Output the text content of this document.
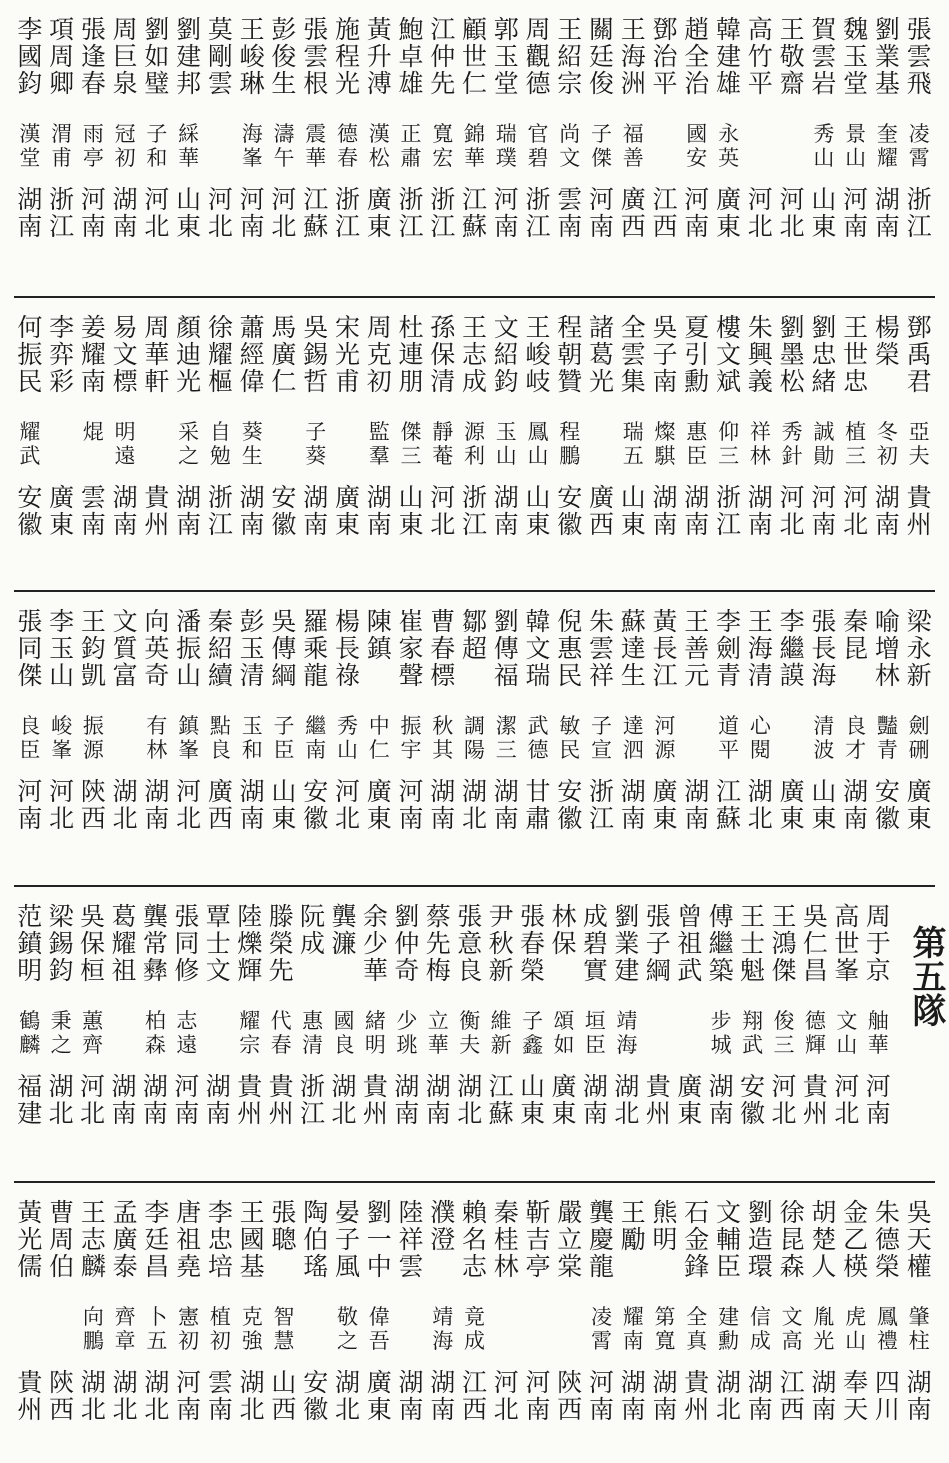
李
國
鈞
漢
堂
湖
南
項
周
卿
渭
甫
浙
江
張
逢
春
雨
亭
河
南
周
巨
泉
冠
初
湖
南
劉
如
璧
子
和
河
北
劉
建
邦
綵
華
山
東
莫
剛
雲
河
北
王
峻
琳
海
峯
河
南
彭
俊
生
濤
午
河
北
張
雲
根
震
華
江
蘇
施
程
光
德
春
浙
江
黃
升
溥
漢
松
廣
東
鮑
卓
雄
正
肅
浙
江
江
仲
先
寬
宏
浙
江
顧
世
仁
錦
華
江
蘇
郭
玉
堂
瑞
璞
河
南
周
觀
德
官
碧
浙
江
王
紹
宗
尚
文
雲
南
關
廷
俊
子
傑
河
南
王
海
洲
福
善
廣
西
鄧
治
平
江
西
趙
全
治
國
安
河
南
韓
建
雄
永
英
廣
東
高
竹
平
河
北
王
敬
齋
河
北
賀
雲
岩
秀
山
山
東
魏
玉
堂
景
山
河
南
劉
業
基
奎
耀
湖
南
張
雲
飛
凌
霄
浙
江
何
振
民
耀
武
安
徽
李
弈
彩
廣
東
姜
耀
南
焜
雲
南
易
文
標
明
遠
湖
南
周
華
軒
貴
州
顏
迪
光
采
之
湖
南
徐
耀
樞
自
勉
浙
江
蕭
經
偉
葵
生
湖
南
馬
廣
仁
安
徽
吳
錫
哲
子
葵
湖
南
宋
光
甫
廣
東
周
克
初
監
羣
湖
南
杜
連
朋
傑
三
山
東
孫
保
清
靜
菴
河
北
王
志
成
源
利
浙
江
文
紹
鈞
玉
山
湖
南
王
峻
岐
鳳
山
山
東
程
朝
贊
程
鵬
安
徽
諸
葛
光
廣
西
全
雲
集
瑞
五
山
東
吳
子
南
燦
騏
湖
南
夏
引
勳
惠
臣
湖
南
樓
文
斌
仰
三
浙
江
朱
興
義
祥
林
湖
南
劉
墨
松
秀
針
河
北
劉
忠
緒
誠
勛
河
南
王
世
忠
植
三
河
北
楊
榮
冬
初
湖
南
鄧
禹
君
亞
夫
貴
州
張
同
傑
良
臣
河
南
李
玉
山
峻
峯
河
北
王
鈞
凱
振
源
陝
西
文
質
富
湖
北
向
英
奇
有
林
湖
南
潘
振
山
鎮
峯
河
北
秦
紹
續
點
良
廣
西
彭
玉
清
玉
和
湖
南
吳
傳
綱
子
臣
山
東
羅
乘
龍
繼
南
安
徽
楊
長
祿
秀
山
河
北
陳
鎮
中
仁
廣
東
崔
家
聲
振
宇
河
南
曹
春
標
秋
其
湖
南
鄒
超
調
陽
湖
北
劉
傳
福
潔
三
湖
南
韓
文
瑞
武
德
甘
肅
倪
惠
民
敏
民
安
徽
朱
雲
祥
子
宣
浙
江
蘇
達
生
達
泗
湖
南
黃
長
江
河
源
廣
東
王
善
元
湖
南
李
劍
青
道
平
江
蘇
王
海
清
心
閱
湖
北
李
繼
謨
廣
東
張
長
海
清
波
山
東
秦
昆
良
才
湖
南
喻
增
林
豔
青
安
徽
梁
永
新
劍
硎
廣
東
范
鐼
明
鶴
麟
福
建
梁
錫
鈞
秉
之
湖
北
吳
保
桓
蕙
齊
河
北
葛
耀
祖
湖
南
龔
常
彝
柏
森
湖
南
張
同
修
志
遠
河
南
覃
士
文
湖
南
陸
爍
輝
耀
宗
貴
州
滕
榮
先
代
春
貴
州
阮
成
惠
清
浙
江
龔
濂
國
良
湖
北
余
少
華
緒
明
貴
州
劉
仲
奇
少
珧
湖
南
蔡
先
梅
立
華
湖
南
張
意
良
衡
夫
湖
北
尹
秋
新
維
新
江
蘇
張
春
榮
子
鑫
山
東
林
保
頌
如
廣
東
成
碧
實
垣
臣
湖
南
劉
業
建
靖
海
湖
北
張
子
綱
貴
州
曾
祖
武
廣
東
傅
繼
築
步
城
湖
南
王
士
魁
翔
武
安
徽
王
鴻
傑
俊
三
河
北
吳
仁
昌
德
輝
貴
州
高
世
峯
文
山
河
北
周
于
京
舳
華
河
南
黃
光
儒
貴
州
曹
周
伯
陝
西
王
志
麟
向
鵬
湖
北
孟
廣
泰
齊
章
湖
北
李
廷
昌
卜
五
湖
北
唐
祖
堯
憲
初
河
南
李
忠
培
植
初
雲
南
王
國
基
克
強
湖
北
張
聰
智
慧
山
西
陶
伯
瑤
安
徽
晏
子
風
敬
之
湖
北
劉
一
中
偉
吾
廣
東
陸
祥
雲
湖
南
濮
澄
靖
海
湖
南
賴
名
志
竟
成
江
西
秦
桂
林
河
北
靳
吉
亭
河
南
嚴
立
棠
陝
西
龔
慶
龍
凌
霄
河
南
王
勵
耀
南
湖
南
熊
明
第
寬
湖
南
石
金
鋒
全
真
貴
州
文
輔
臣
建
勳
湖
北
劉
造
環
信
成
湖
南
徐
昆
森
文
高
江
西
胡
楚
人
胤
光
湖
南
金
乙
楧
虎
山
奉
天
朱
德
榮
鳳
禮
四
川
吳
天
權
肇
柱
湖
南
第五隊
